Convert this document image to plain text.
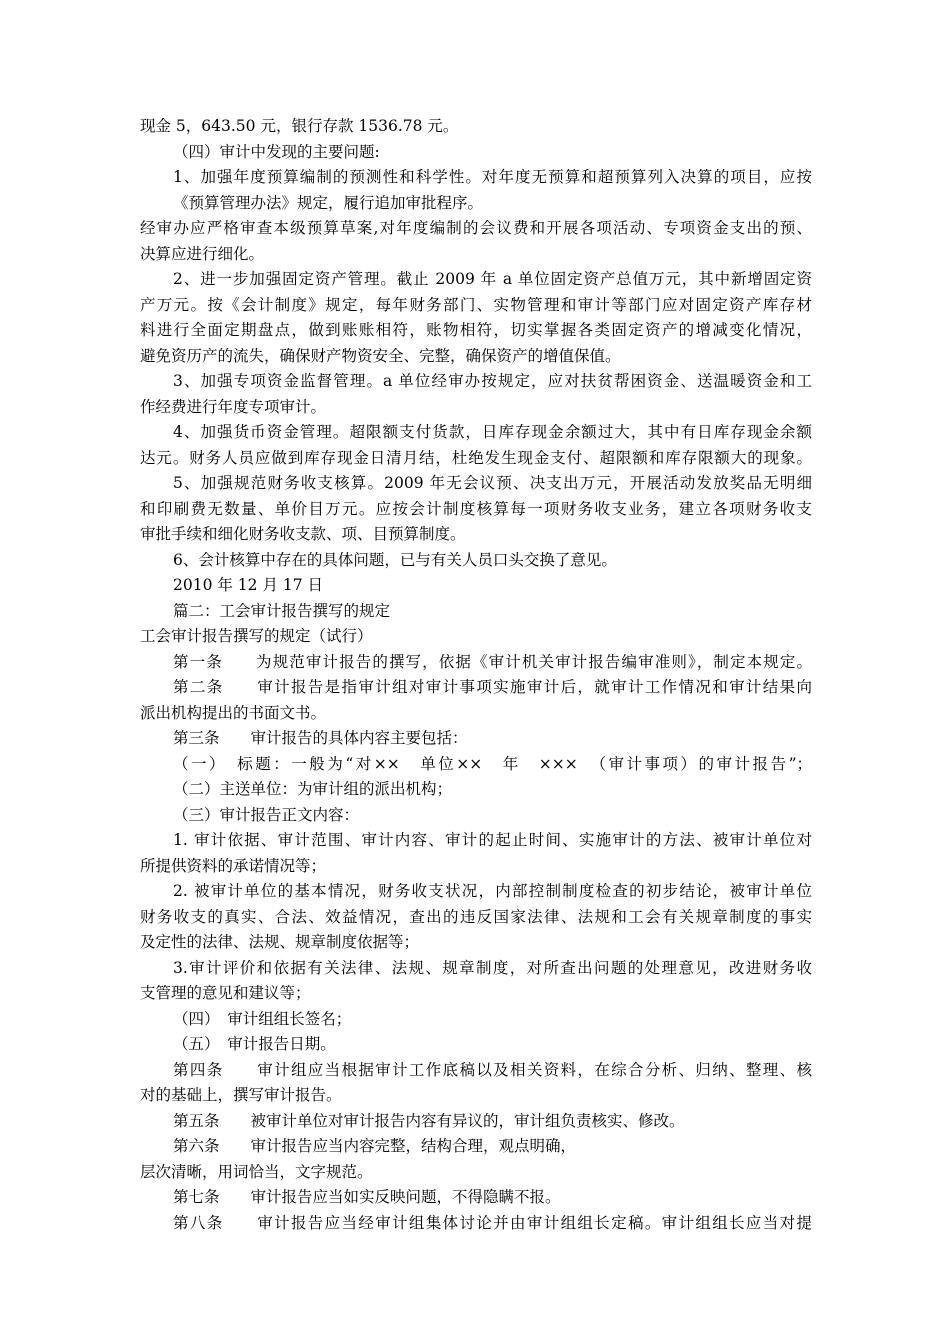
现金 5，643.50 元，银行存款 1536.78 元。
（四）审计中发现的主要问题:
1、加强年度预算编制的预测性和科学性。对年度无预算和超预算列入决算的项目，应按
《预算管理办法》规定，履行追加审批程序。
经审办应严格审查本级预算草案,对年度编制的会议费和开展各项活动、专项资金支出的预、
决算应进行细化。
2、进一步加强固定资产管理。截止 2009 年 a 单位固定资产总值万元，其中新增固定资
产万元。按《会计制度》规定，每年财务部门、实物管理和审计等部门应对固定资产库存材
料进行全面定期盘点，做到账账相符，账物相符，切实掌握各类固定资产的增减变化情况，
避免资历产的流失，确保财产物资安全、完整，确保资产的增值保值。
3、加强专项资金监督管理。a 单位经审办按规定，应对扶贫帮困资金、送温暖资金和工
作经费进行年度专项审计。
4、加强货币资金管理。超限额支付货款，日库存现金余额过大，其中有日库存现金余额
达元。财务人员应做到库存现金日清月结，杜绝发生现金支付、超限额和库存限额大的现象。
5、加强规范财务收支核算。2009 年无会议预、决支出万元，开展活动发放奖品无明细
和印刷费无数量、单价目万元。应按会计制度核算每一项财务收支业务，建立各项财务收支
审批手续和细化财务收支款、项、目预算制度。
6、会计核算中存在的具体问题，已与有关人员口头交换了意见。
2010 年 12 月 17 日
篇二：工会审计报告撰写的规定
工会审计报告撰写的规定（试行）
第一条　　为规范审计报告的撰写，依据《审计机关审计报告编审准则》，制定本规定。
第二条　　审计报告是指审计组对审计事项实施审计后，就审计工作情况和审计结果向
派出机构提出的书面文书。
第三条　　审计报告的具体内容主要包括：
（一）　标题：一般为“对××　单位××　年　×××　（审计事项）的审计报告”；
（二）主送单位：为审计组的派出机构；
（三）审计报告正文内容：
1. 审计依据、审计范围、审计内容、审计的起止时间、实施审计的方法、被审计单位对
所提供资料的承诺情况等；
2. 被审计单位的基本情况，财务收支状况，内部控制制度检查的初步结论，被审计单位
财务收支的真实、合法、效益情况，查出的违反国家法律、法规和工会有关规章制度的事实
及定性的法律、法规、规章制度依据等；
3.审计评价和依据有关法律、法规、规章制度，对所查出问题的处理意见，改进财务收
支管理的意见和建议等；
（四）　审计组组长签名；
（五）　审计报告日期。
第四条　　审计组应当根据审计工作底稿以及相关资料，在综合分析、归纳、整理、核
对的基础上，撰写审计报告。
第五条　　被审计单位对审计报告内容有异议的，审计组负责核实、修改。
第六条　　审计报告应当内容完整，结构合理，观点明确，
层次清晰，用词恰当，文字规范。
第七条　　审计报告应当如实反映问题，不得隐瞒不报。
第八条　　审计报告应当经审计组集体讨论并由审计组组长定稿。审计组组长应当对提
